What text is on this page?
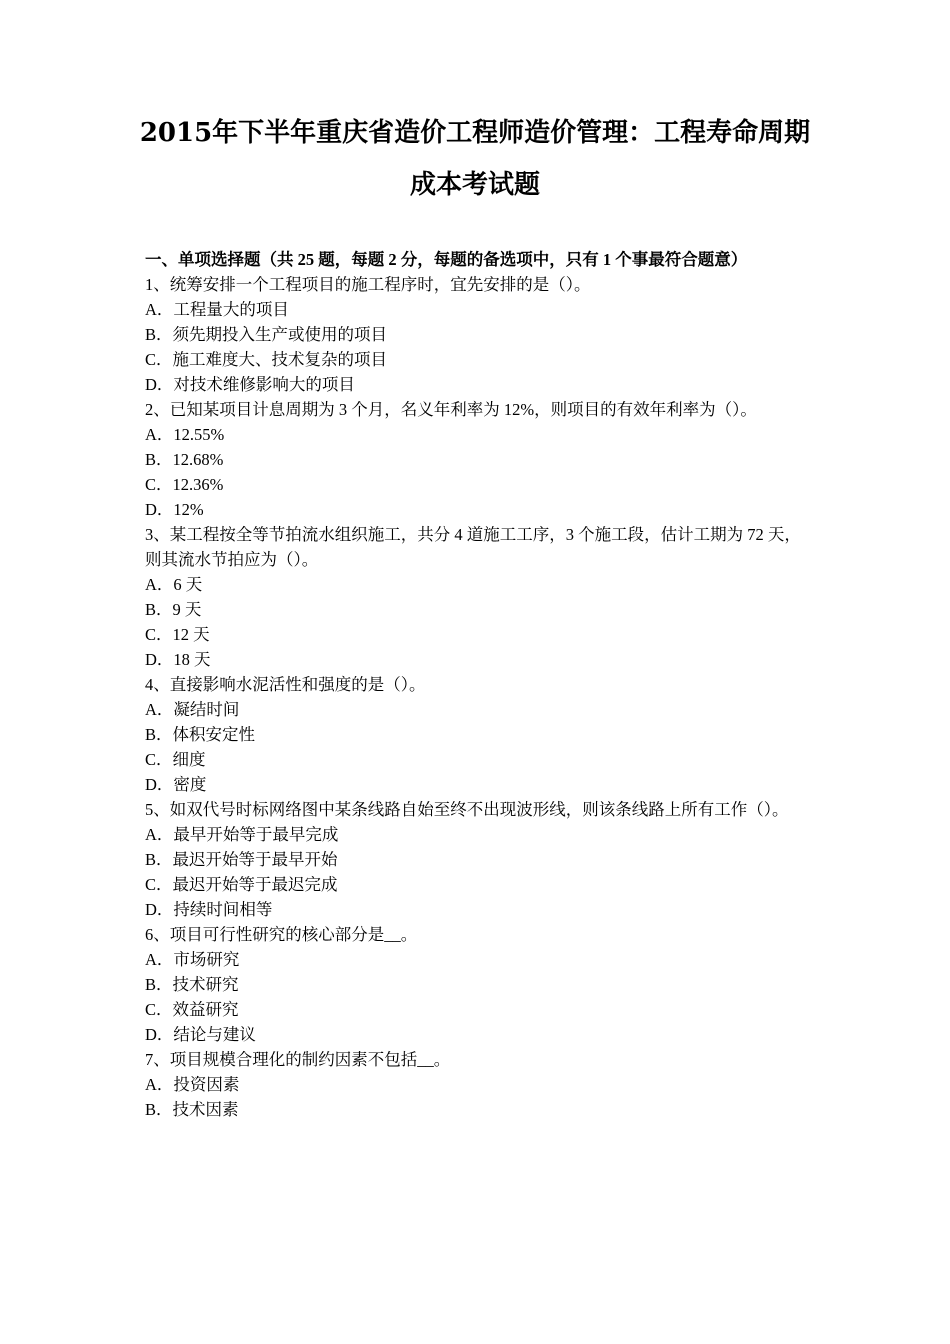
2015年下半年重庆省造价工程师造价管理：工程寿命周期
成本考试题
一、单项选择题（共 25 题，每题 2 分，每题的备选项中，只有 1 个事最符合题意）
1、统筹安排一个工程项目的施工程序时，宜先安排的是（）。
A．工程量大的项目
B．须先期投入生产或使用的项目
C．施工难度大、技术复杂的项目
D．对技术维修影响大的项目
2、已知某项目计息周期为 3 个月，名义年利率为 12%，则项目的有效年利率为（）。
A．12.55%
B．12.68%
C．12.36%
D．12%
3、某工程按全等节拍流水组织施工，共分 4 道施工工序，3 个施工段，估计工期为 72 天，则其流水节拍应为（）。
A．6 天
B．9 天
C．12 天
D．18 天
4、直接影响水泥活性和强度的是（）。
A．凝结时间
B．体积安定性
C．细度
D．密度
5、如双代号时标网络图中某条线路自始至终不出现波形线，则该条线路上所有工作（）。
A．最早开始等于最早完成
B．最迟开始等于最早开始
C．最迟开始等于最迟完成
D．持续时间相等
6、项目可行性研究的核心部分是__。
A．市场研究
B．技术研究
C．效益研究
D．结论与建议
7、项目规模合理化的制约因素不包括__。
A．投资因素
B．技术因素
